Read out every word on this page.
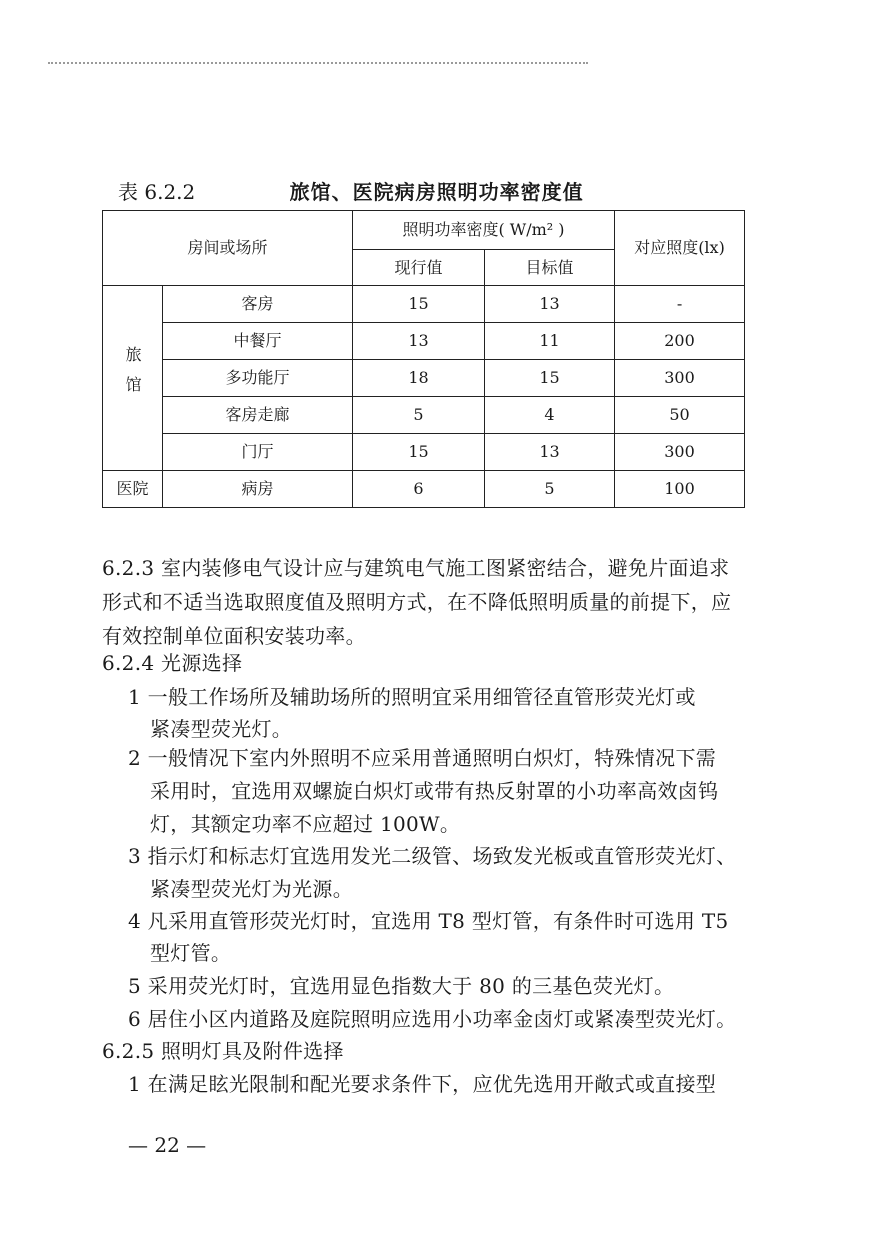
表 6.2.2	旅馆、医院病房照明功率密度值
房间或场所		照明功率密度( W/m² )		对应照度(lx)
		现行值	目标值	
旅馆	客房	15	13	-
	中餐厅	13	11	200
	多功能厅	18	15	300
	客房走廊	5	4	50
	门厅	15	13	300
医院	病房	6	5	100
6.2.3 室内装修电气设计应与建筑电气施工图紧密结合，避免片面追求
形式和不适当选取照度值及照明方式，在不降低照明质量的前提下，应
有效控制单位面积安装功率。
6.2.4 光源选择
1 一般工作场所及辅助场所的照明宜采用细管径直管形荧光灯或
紧凑型荧光灯。
2 一般情况下室内外照明不应采用普通照明白炽灯，特殊情况下需
采用时，宜选用双螺旋白炽灯或带有热反射罩的小功率高效卤钨
灯，其额定功率不应超过 100W。
3 指示灯和标志灯宜选用发光二级管、场致发光板或直管形荧光灯、
紧凑型荧光灯为光源。
4 凡采用直管形荧光灯时，宜选用 T8 型灯管，有条件时可选用 T5
型灯管。
5 采用荧光灯时，宜选用显色指数大于 80 的三基色荧光灯。
6 居住小区内道路及庭院照明应选用小功率金卤灯或紧凑型荧光灯。
6.2.5 照明灯具及附件选择
1 在满足眩光限制和配光要求条件下，应优先选用开敞式或直接型
— 22 —
